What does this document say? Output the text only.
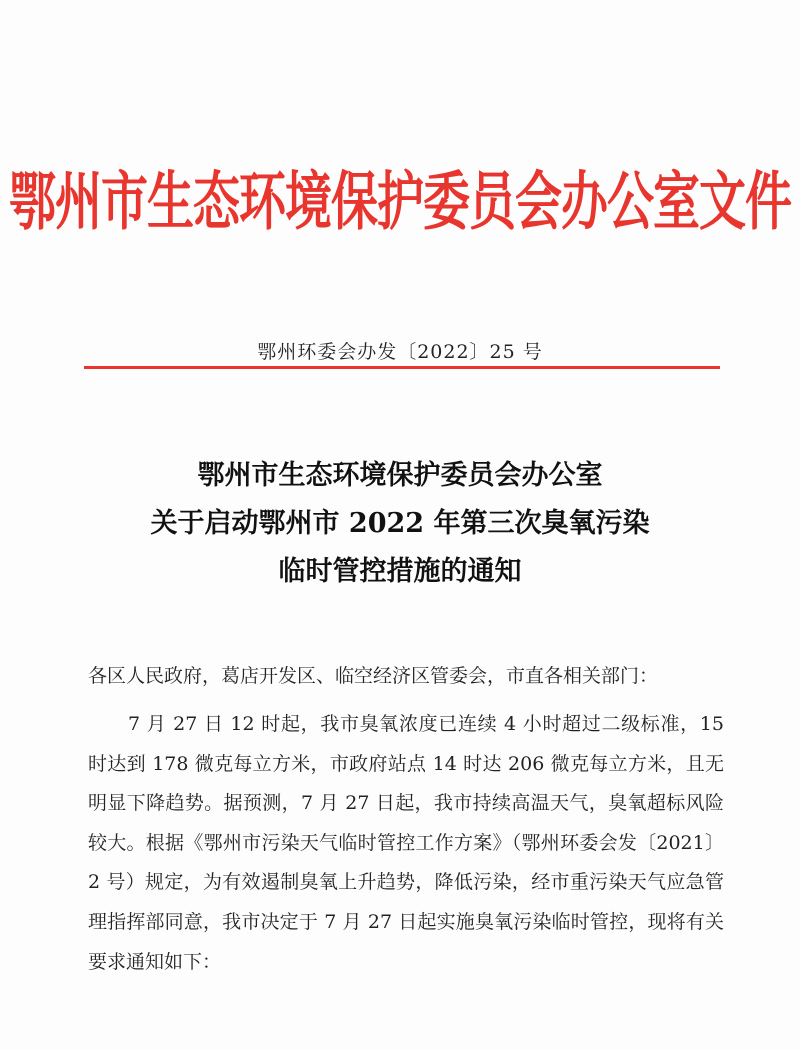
鄂州市生态环境保护委员会办公室文件
鄂州环委会办发〔2022〕25 号
鄂州市生态环境保护委员会办公室
关于启动鄂州市 2022 年第三次臭氧污染
临时管控措施的通知
各区人民政府，葛店开发区、临空经济区管委会，市直各相关部门：
7 月 27 日 12 时起，我市臭氧浓度已连续 4 小时超过二级标准，15 时达到 178 微克每立方米，市政府站点 14 时达 206 微克每立方米，且无明显下降趋势。据预测，7 月 27 日起，我市持续高温天气，臭氧超标风险较大。根据《鄂州市污染天气临时管控工作方案》（鄂州环委会发〔2021〕2 号）规定，为有效遏制臭氧上升趋势，降低污染，经市重污染天气应急管理指挥部同意，我市决定于 7 月 27 日起实施臭氧污染临时管控，现将有关要求通知如下：
